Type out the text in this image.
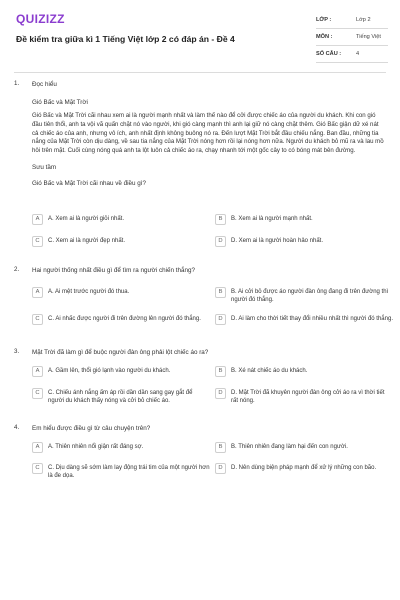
QUIZIZZ
Đề kiểm tra giữa kì 1 Tiếng Việt lớp 2 có đáp án - Đề 4
LỚP :	Lớp 2
MÔN :	Tiếng Việt
SỐ CÂU :	4
1. Đọc hiểu
Gió Bấc và Mặt Trời
Gió Bấc và Mặt Trời cãi nhau xem ai là người mạnh nhất và làm thế nào để cởi được chiếc áo của người du khách. Khi con gió đầu tiên thổi, anh ta vội vã quấn chặt nó vào người, khi gió càng mạnh thì anh lại giữ nó càng chặt thêm. Gió Bấc giận dữ xé nát cả chiếc áo của anh, nhưng vô ích, anh nhất định không buông nó ra. Đến lượt Mặt Trời bắt đầu chiếu nắng. Ban đầu, những tia nắng của Mặt Trời còn dịu dàng, về sau tia nắng của Mặt Trời nóng hơn rồi lại nóng hơn nữa. Người du khách bỏ mũ ra và lau mồ hôi trên mặt. Cuối cùng nóng quá anh ta lột luôn cả chiếc áo ra, chạy nhanh tới một gốc cây to có bóng mát bên đường.
Sưu tầm
Gió Bấc và Mặt Trời cãi nhau về điều gì?
A	A. Xem ai là người giỏi nhất.	B	B. Xem ai là người mạnh nhất.
C	C. Xem ai là người đẹp nhất.	D	D. Xem ai là người hoàn hảo nhất.
2. Hai người thống nhất điều gì để tìm ra người chiến thắng?
A	A. Ai mệt trước người đó thua.	B	B. Ai cởi bỏ được áo người đàn ông đang đi trên đường thì người đó thắng.
C	C. Ai nhấc được người đi trên đường lên người đó thắng.	D	D. Ai làm cho thời tiết thay đổi nhiều nhất thì người đó thắng.
3. Mặt Trời đã làm gì để buộc người đàn ông phải lột chiếc áo ra?
A	A. Gầm lên, thổi gió lạnh vào người du khách.	B	B. Xé nát chiếc áo du khách.
C	C. Chiếu ánh nắng ấm áp rồi dần dần sang gay gắt để người du khách thấy nóng và cởi bỏ chiếc áo.
D	D. Mặt Trời đã khuyên người đàn ông cởi áo ra vì thời tiết rất nóng.
4. Em hiểu được điều gì từ câu chuyện trên?
A	A. Thiên nhiên nổi giận rất đáng sợ.	B	B. Thiên nhiên đang làm hại đến con người.
C	C. Dịu dàng sẽ sớm làm lay động trái tim của một người hơn là đe dọa.
D	D. Nên dùng biện pháp mạnh để xử lý những con bão.
